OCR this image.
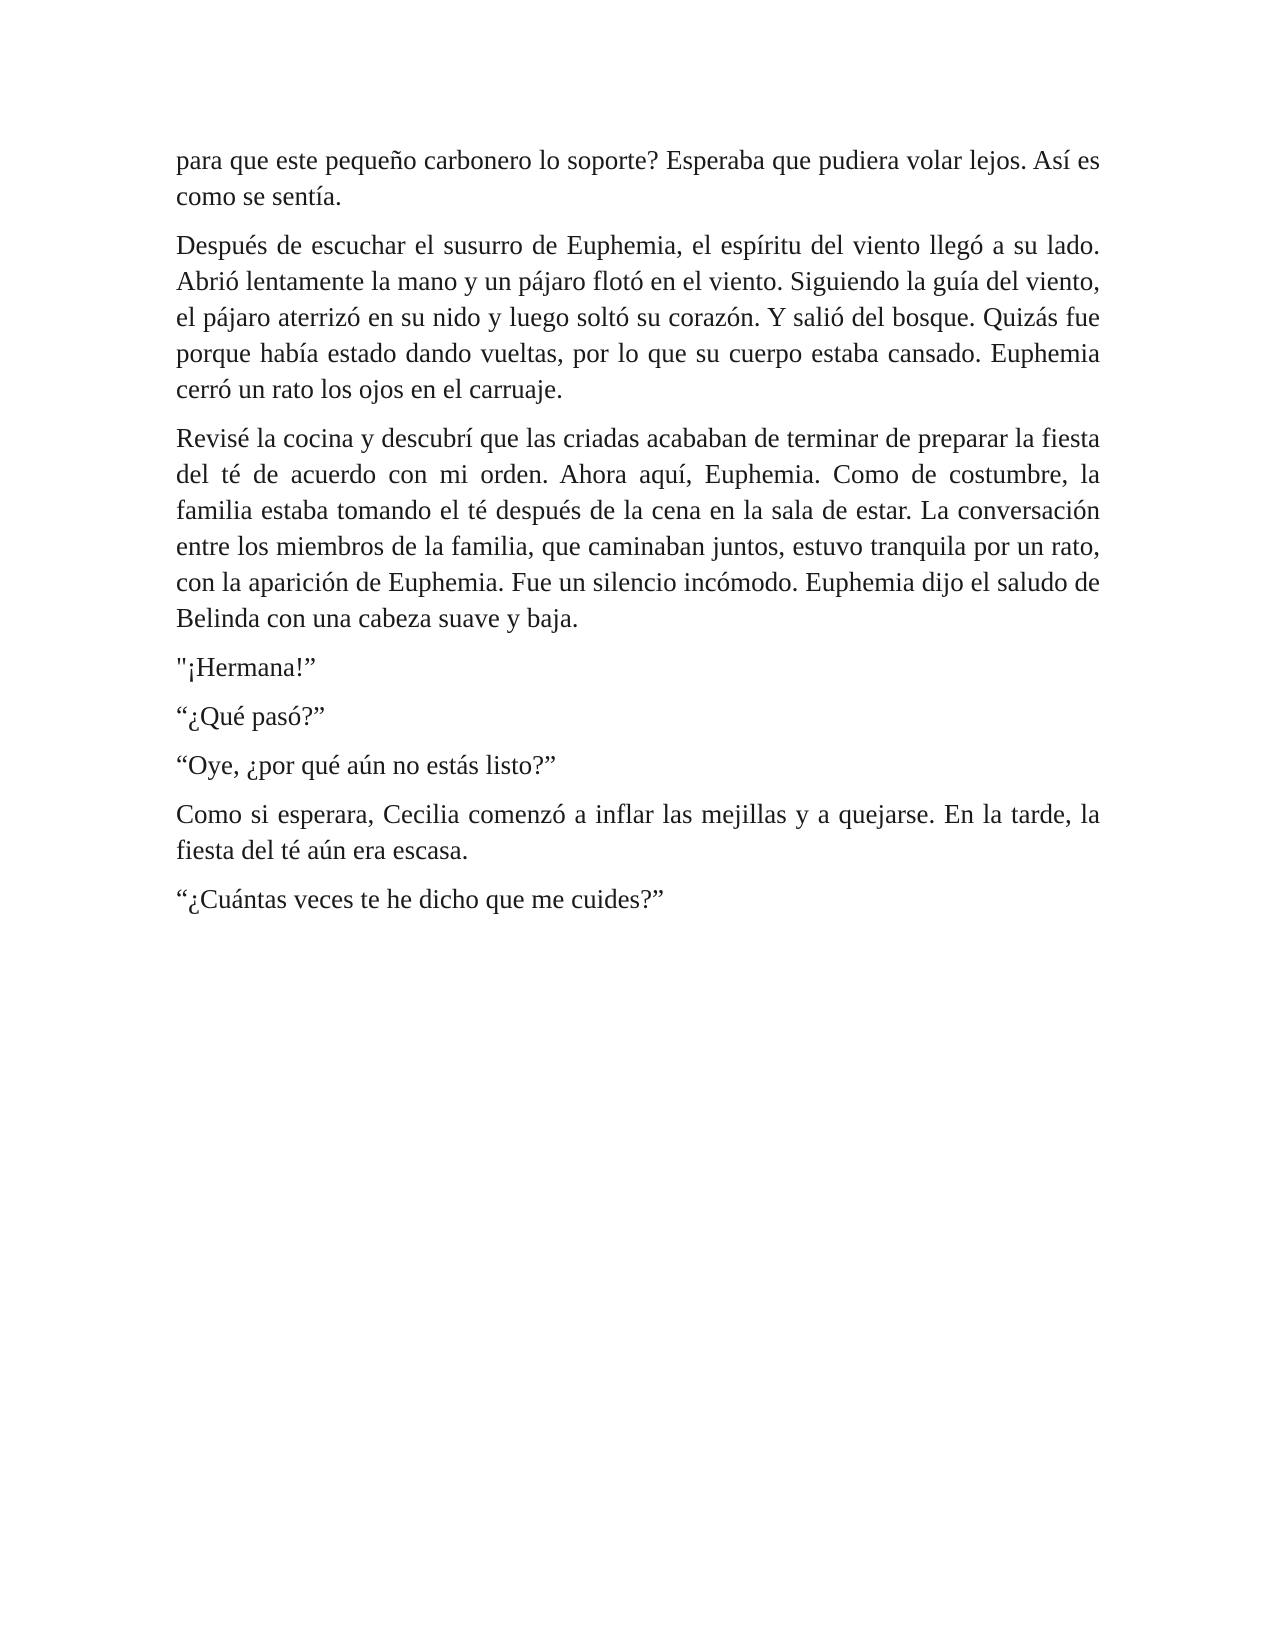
para que este pequeño carbonero lo soporte? Esperaba que pudiera volar lejos. Así es como se sentía.

Después de escuchar el susurro de Euphemia, el espíritu del viento llegó a su lado. Abrió lentamente la mano y un pájaro flotó en el viento. Siguiendo la guía del viento, el pájaro aterrizó en su nido y luego soltó su corazón. Y salió del bosque. Quizás fue porque había estado dando vueltas, por lo que su cuerpo estaba cansado. Euphemia cerró un rato los ojos en el carruaje.

Revisé la cocina y descubrí que las criadas acababan de terminar de preparar la fiesta del té de acuerdo con mi orden. Ahora aquí, Euphemia. Como de costumbre, la familia estaba tomando el té después de la cena en la sala de estar. La conversación entre los miembros de la familia, que caminaban juntos, estuvo tranquila por un rato, con la aparición de Euphemia. Fue un silencio incómodo. Euphemia dijo el saludo de Belinda con una cabeza suave y baja.

"¡Hermana!”

“¿Qué pasó?”

“Oye, ¿por qué aún no estás listo?”

Como si esperara, Cecilia comenzó a inflar las mejillas y a quejarse. En la tarde, la fiesta del té aún era escasa.

“¿Cuántas veces te he dicho que me cuides?”
